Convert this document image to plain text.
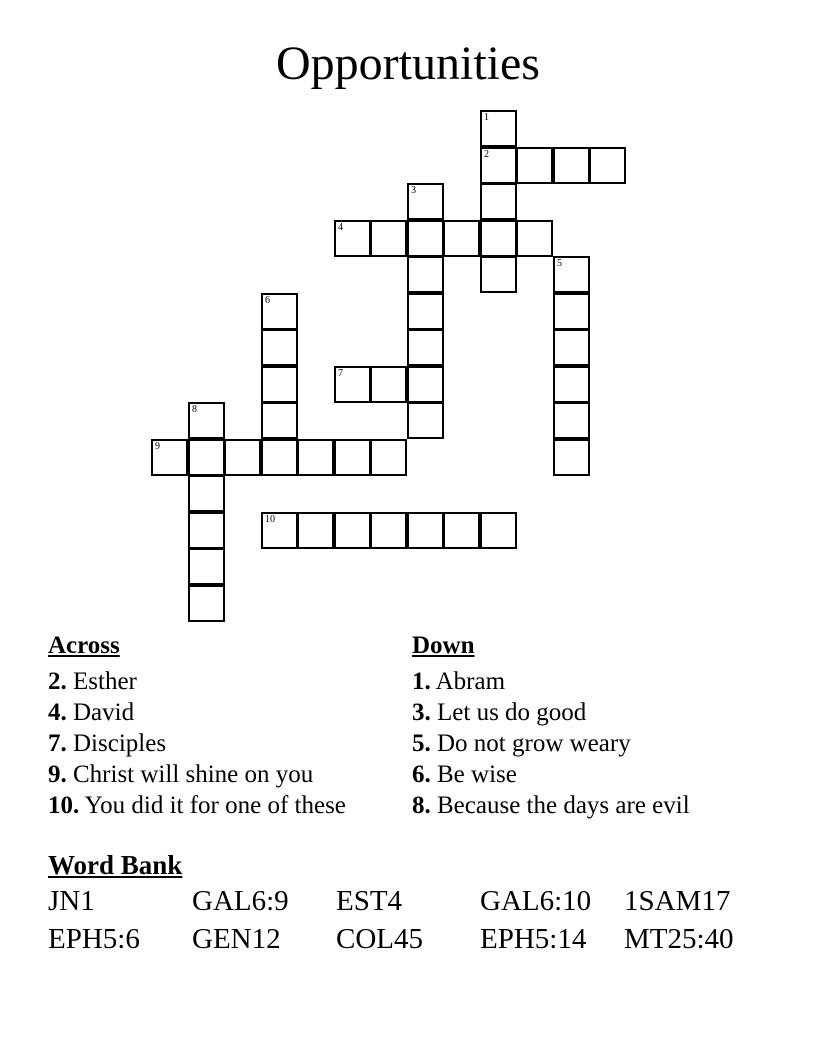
Opportunities
1
2
3
4
5
6
7
8
9
10
Across
2. Esther
4. David
7. Disciples
9. Christ will shine on you
10. You did it for one of these
Down
1. Abram
3. Let us do good
5. Do not grow weary
6. Be wise
8. Because the days are evil
Word Bank
JN1	GAL6:9 EST4	GAL6:10 1SAM17
EPH5:6 GEN12 COL45 EPH5:14 MT25:40
